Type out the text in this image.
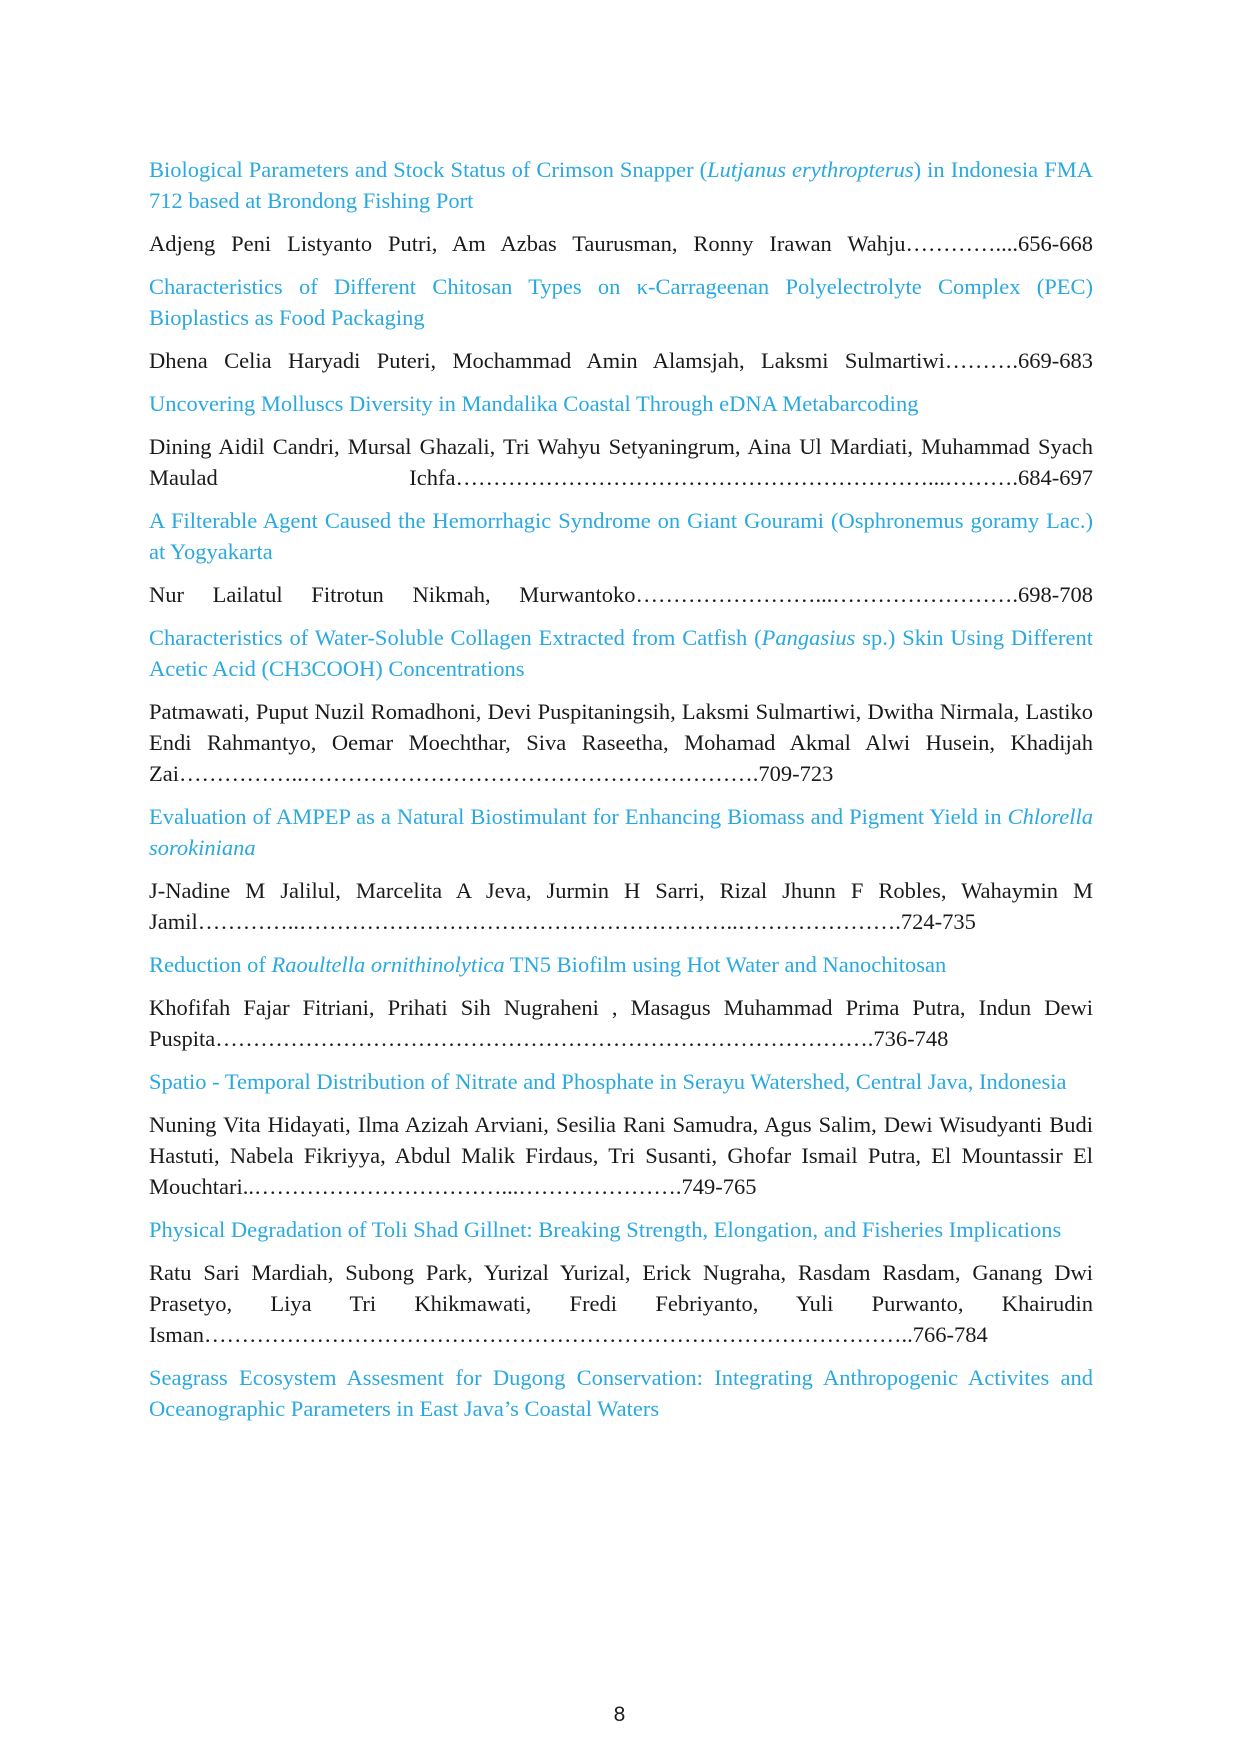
Biological Parameters and Stock Status of Crimson Snapper (Lutjanus erythropterus) in Indonesia FMA 712 based at Brondong Fishing Port

Adjeng Peni Listyanto Putri, Am Azbas Taurusman, Ronny Irawan Wahju…………....656-668

Characteristics of Different Chitosan Types on κ-Carrageenan Polyelectrolyte Complex (PEC) Bioplastics as Food Packaging

Dhena Celia Haryadi Puteri, Mochammad Amin Alamsjah, Laksmi Sulmartiwi……….669-683

Uncovering Molluscs Diversity in Mandalika Coastal Through eDNA Metabarcoding

Dining Aidil Candri, Mursal Ghazali, Tri Wahyu Setyaningrum, Aina Ul Mardiati, Muhammad Syach Maulad Ichfa………………………………………………………...……….684-697

A Filterable Agent Caused the Hemorrhagic Syndrome on Giant Gourami (Osphronemus goramy Lac.) at Yogyakarta

Nur Lailatul Fitrotun Nikmah, Murwantoko……………………...…………………….698-708

Characteristics of Water-Soluble Collagen Extracted from Catfish (Pangasius sp.) Skin Using Different Acetic Acid (CH3COOH) Concentrations

Patmawati, Puput Nuzil Romadhoni, Devi Puspitaningsih, Laksmi Sulmartiwi, Dwitha Nirmala, Lastiko Endi Rahmantyo, Oemar Moechthar, Siva Raseetha, Mohamad Akmal Alwi Husein, Khadijah Zai……………..…………………………………………………….709-723

Evaluation of AMPEP as a Natural Biostimulant for Enhancing Biomass and Pigment Yield in Chlorella sorokiniana

J-Nadine M Jalilul, Marcelita A Jeva, Jurmin H Sarri, Rizal Jhunn F Robles, Wahaymin M Jamil…………..…………………………………………………..………………….724-735

Reduction of Raoultella ornithinolytica TN5 Biofilm using Hot Water and Nanochitosan

Khofifah Fajar Fitriani, Prihati Sih Nugraheni , Masagus Muhammad Prima Putra, Indun Dewi Puspita…………………………………………………………………………….736-748

Spatio - Temporal Distribution of Nitrate and Phosphate in Serayu Watershed, Central Java, Indonesia

Nuning Vita Hidayati, Ilma Azizah Arviani, Sesilia Rani Samudra, Agus Salim, Dewi Wisudyanti Budi Hastuti, Nabela Fikriyya, Abdul Malik Firdaus, Tri Susanti, Ghofar Ismail Putra, El Mountassir El Mouchtari..……………………………...………………….749-765

Physical Degradation of Toli Shad Gillnet: Breaking Strength, Elongation, and Fisheries Implications

Ratu Sari Mardiah, Subong Park, Yurizal Yurizal, Erick Nugraha, Rasdam Rasdam, Ganang Dwi Prasetyo, Liya Tri Khikmawati, Fredi Febriyanto, Yuli Purwanto, Khairudin Isman…………………………………………………………………………………..766-784

Seagrass Ecosystem Assesment for Dugong Conservation: Integrating Anthropogenic Activites and Oceanographic Parameters in East Java’s Coastal Waters

8
